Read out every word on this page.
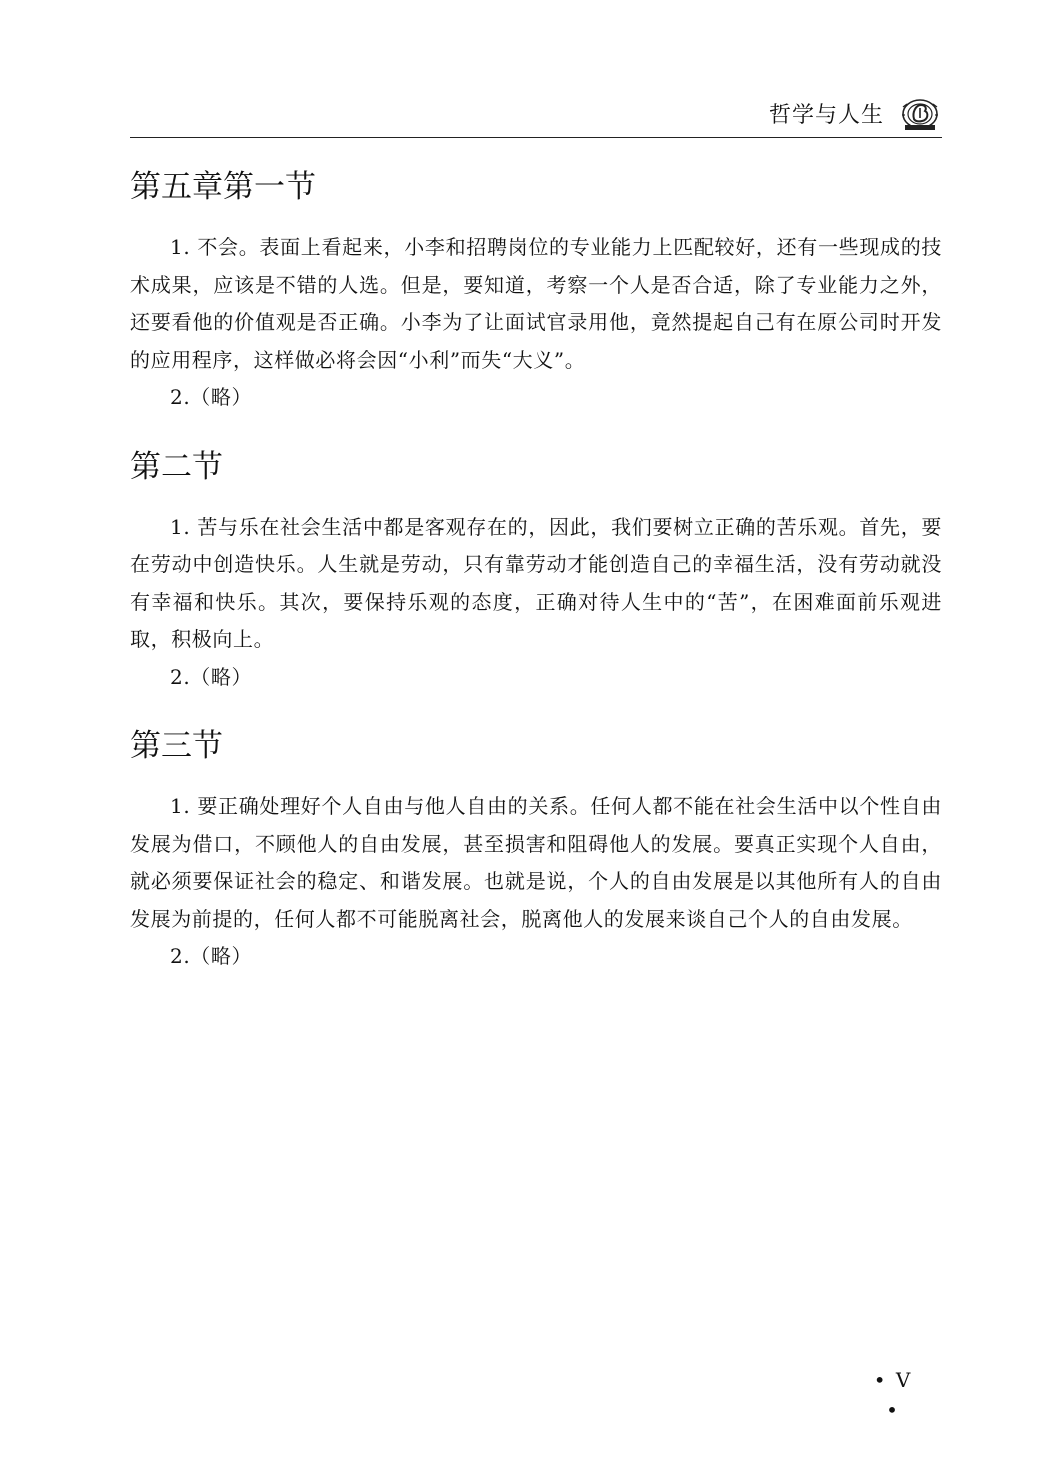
哲学与人生
第五章第一节

1. 不会。表面上看起来，小李和招聘岗位的专业能力上匹配较好，还有一些现成的技术成果，应该是不错的人选。但是，要知道，考察一个人是否合适，除了专业能力之外，还要看他的价值观是否正确。小李为了让面试官录用他，竟然提起自己有在原公司时开发的应用程序，这样做必将会因“小利”而失“大义”。

2.（略）

第二节

1. 苦与乐在社会生活中都是客观存在的，因此，我们要树立正确的苦乐观。首先，要在劳动中创造快乐。人生就是劳动，只有靠劳动才能创造自己的幸福生活，没有劳动就没有幸福和快乐。其次，要保持乐观的态度，正确对待人生中的“苦”，在困难面前乐观进取，积极向上。

2.（略）

第三节

1. 要正确处理好个人自由与他人自由的关系。任何人都不能在社会生活中以个性自由发展为借口，不顾他人的自由发展，甚至损害和阻碍他人的发展。要真正实现个人自由，就必须要保证社会的稳定、和谐发展。也就是说，个人的自由发展是以其他所有人的自由发展为前提的，任何人都不可能脱离社会，脱离他人的发展来谈自己个人的自由发展。

2.（略）

• V •
